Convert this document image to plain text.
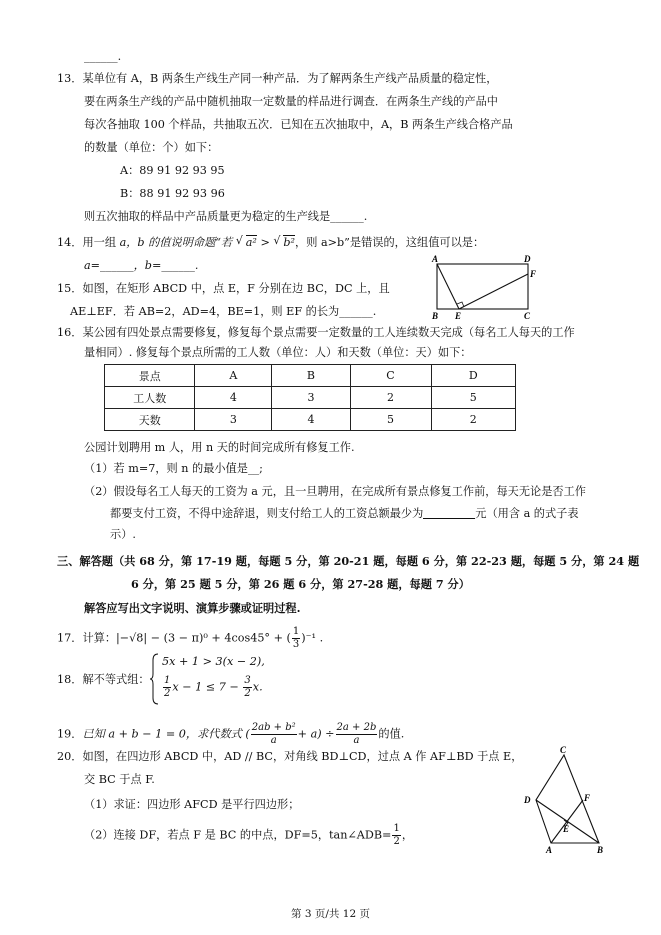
______.
13．某单位有 A，B 两条生产线生产同一种产品．为了解两条生产线产品质量的稳定性，
要在两条生产线的产品中随机抽取一定数量的样品进行调查．在两条生产线的产品中
每次各抽取 100 个样品，共抽取五次．已知在五次抽取中，A，B 两条生产线合格产品
的数量（单位：个）如下：
A：89 91 92 93 95
B：88 91 92 93 96
则五次抽取的样品中产品质量更为稳定的生产线是______.
14．用一组 a，b 的值说明命题“若 √ a² > √ b²，则 a>b”是错误的，这组值可以是：
a=______，b=______.
15．如图，在矩形 ABCD 中，点 E，F 分别在边 BC，DC 上，且
AE⊥EF．若 AB=2，AD=4，BE=1，则 EF 的长为______.
A	D
F
B E	C
16．某公园有四处景点需要修复，修复每个景点需要一定数量的工人连续数天完成（每名工人每天的工作
量相同）. 修复每个景点所需的工人数（单位：人）和天数（单位：天）如下：
景点	A	B	C	D
工人数	4	3	2	5
天数	3	4	5	2
公园计划聘用 m 人，用 n 天的时间完成所有修复工作.
（1）若 m=7，则 n 的最小值是__;
（2）假设每名工人每天的工资为 a 元，且一旦聘用，在完成所有景点修复工作前，每天无论是否工作
都要支付工资，不得中途辞退，则支付给工人的工资总额最少为	元（用含 a 的式子表
示）.
三、解答题（共 68 分，第 17-19 题，每题 5 分，第 20-21 题，每题 6 分，第 22-23 题，每题 5 分，第 24 题
6 分，第 25 题 5 分，第 26 题 6 分，第 27-28 题，每题 7 分）
解答应写出文字说明、演算步骤或证明过程.
17．计算：|−√8| − (3 − π)⁰ + 4cos45° + ( $\frac{1}{3} )^{-1}$ .
18．解不等式组：
5x + 1 > 3(x − 2),
$\frac{1}{2}$ $x - 1 \le 7 - \frac{3}{2} x$.
19．已知 a + b − 1 = 0，求代数式 ( $\frac{\text{2ab + b²}}{a} + a) \div \frac{2a + 2b}{a}$ 的值.
20．如图，在四边形 ABCD 中，AD // BC，对角线 BD⊥CD，过点 A 作 AF⊥BD 于点 E，
交 BC 于点 F.
（1）求证：四边形 AFCD 是平行四边形；
（2）连接 DF，若点 F 是 BC 的中点，DF=5，tan∠ADB= $\frac{1}{2}$ ，
C
D	F
E
A	B
第 3 页/共 12 页
